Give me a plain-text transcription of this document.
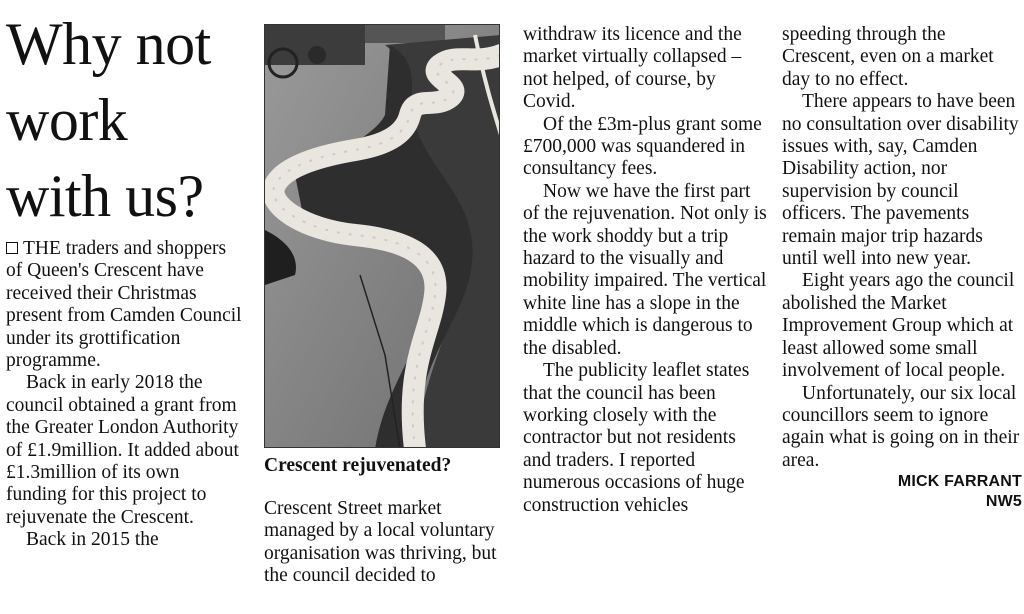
Why not
work
with us?

THE traders and shoppers of Queen's Crescent have received their Christmas present from Camden Council under its grottification programme.

Back in early 2018 the council obtained a grant from the Greater London Authority of £1.9million. It added about £1.3million of its own funding for this project to rejuvenate the Crescent.

Back in 2015 the

Crescent rejuvenated?

Crescent Street market managed by a local voluntary organisation was thriving, but the council decided to

withdraw its licence and the market virtually collapsed – not helped, of course, by Covid.

Of the £3m-plus grant some £700,000 was squandered in consultancy fees.

Now we have the first part of the rejuvenation. Not only is the work shoddy but a trip hazard to the visually and mobility impaired. The vertical white line has a slope in the middle which is dangerous to the disabled.

The publicity leaflet states that the council has been working closely with the contractor but not residents and traders. I reported numerous occasions of huge construction vehicles

speeding through the Crescent, even on a market day to no effect.

There appears to have been no consultation over disability issues with, say, Camden Disability action, nor supervision by council officers. The pavements remain major trip hazards until well into new year.

Eight years ago the council abolished the Market Improvement Group which at least allowed some small involvement of local people.

Unfortunately, our six local councillors seem to ignore again what is going on in their area.

MICK FARRANT
NW5
